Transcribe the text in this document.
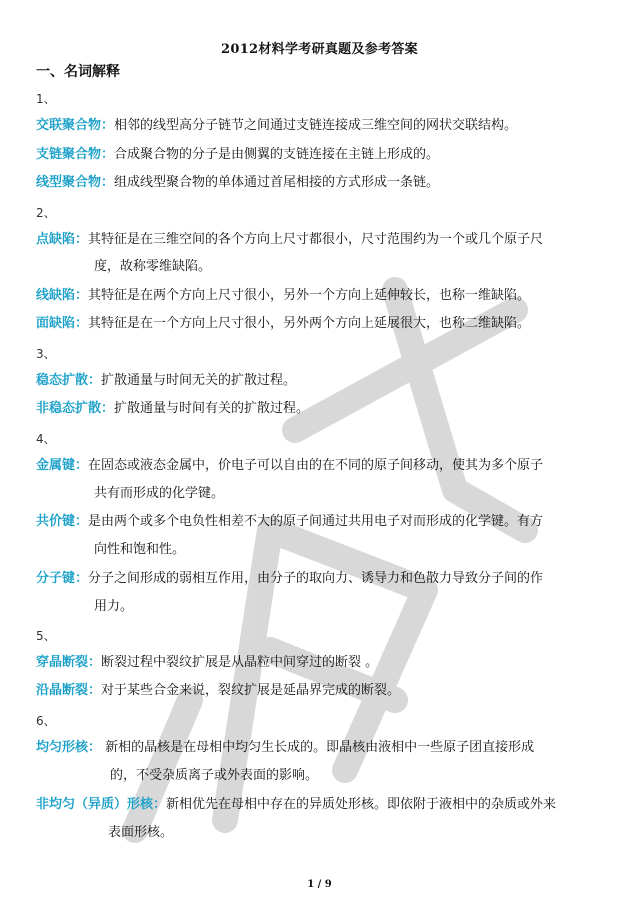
2012材料学考研真题及参考答案
一、名词解释
1、
交联聚合物：相邻的线型高分子链节之间通过支链连接成三维空间的网状交联结构。
支链聚合物：合成聚合物的分子是由侧翼的支链连接在主链上形成的。
线型聚合物：组成线型聚合物的单体通过首尾相接的方式形成一条链。
2、
点缺陷：其特征是在三维空间的各个方向上尺寸都很小，尺寸范围约为一个或几个原子尺
度，故称零维缺陷。
线缺陷：其特征是在两个方向上尺寸很小，另外一个方向上延伸较长，也称一维缺陷。
面缺陷：其特征是在一个方向上尺寸很小，另外两个方向上延展很大，也称二维缺陷。
3、
稳态扩散：扩散通量与时间无关的扩散过程。
非稳态扩散：扩散通量与时间有关的扩散过程。
4、
金属键：在固态或液态金属中，价电子可以自由的在不同的原子间移动，使其为多个原子
共有而形成的化学键。
共价键：是由两个或多个电负性相差不大的原子间通过共用电子对而形成的化学键。有方
向性和饱和性。
分子键：分子之间形成的弱相互作用，由分子的取向力、诱导力和色散力导致分子间的作
用力。
5、
穿晶断裂：断裂过程中裂纹扩展是从晶粒中间穿过的断裂 。
沿晶断裂：对于某些合金来说，裂纹扩展是延晶界完成的断裂。
6、
均匀形核： 新相的晶核是在母相中均匀生长成的。即晶核由液相中一些原子团直接形成
的，不受杂质离子或外表面的影响。
非均匀（异质）形核：新相优先在母相中存在的异质处形核。即依附于液相中的杂质或外来
表面形核。
1 / 9
